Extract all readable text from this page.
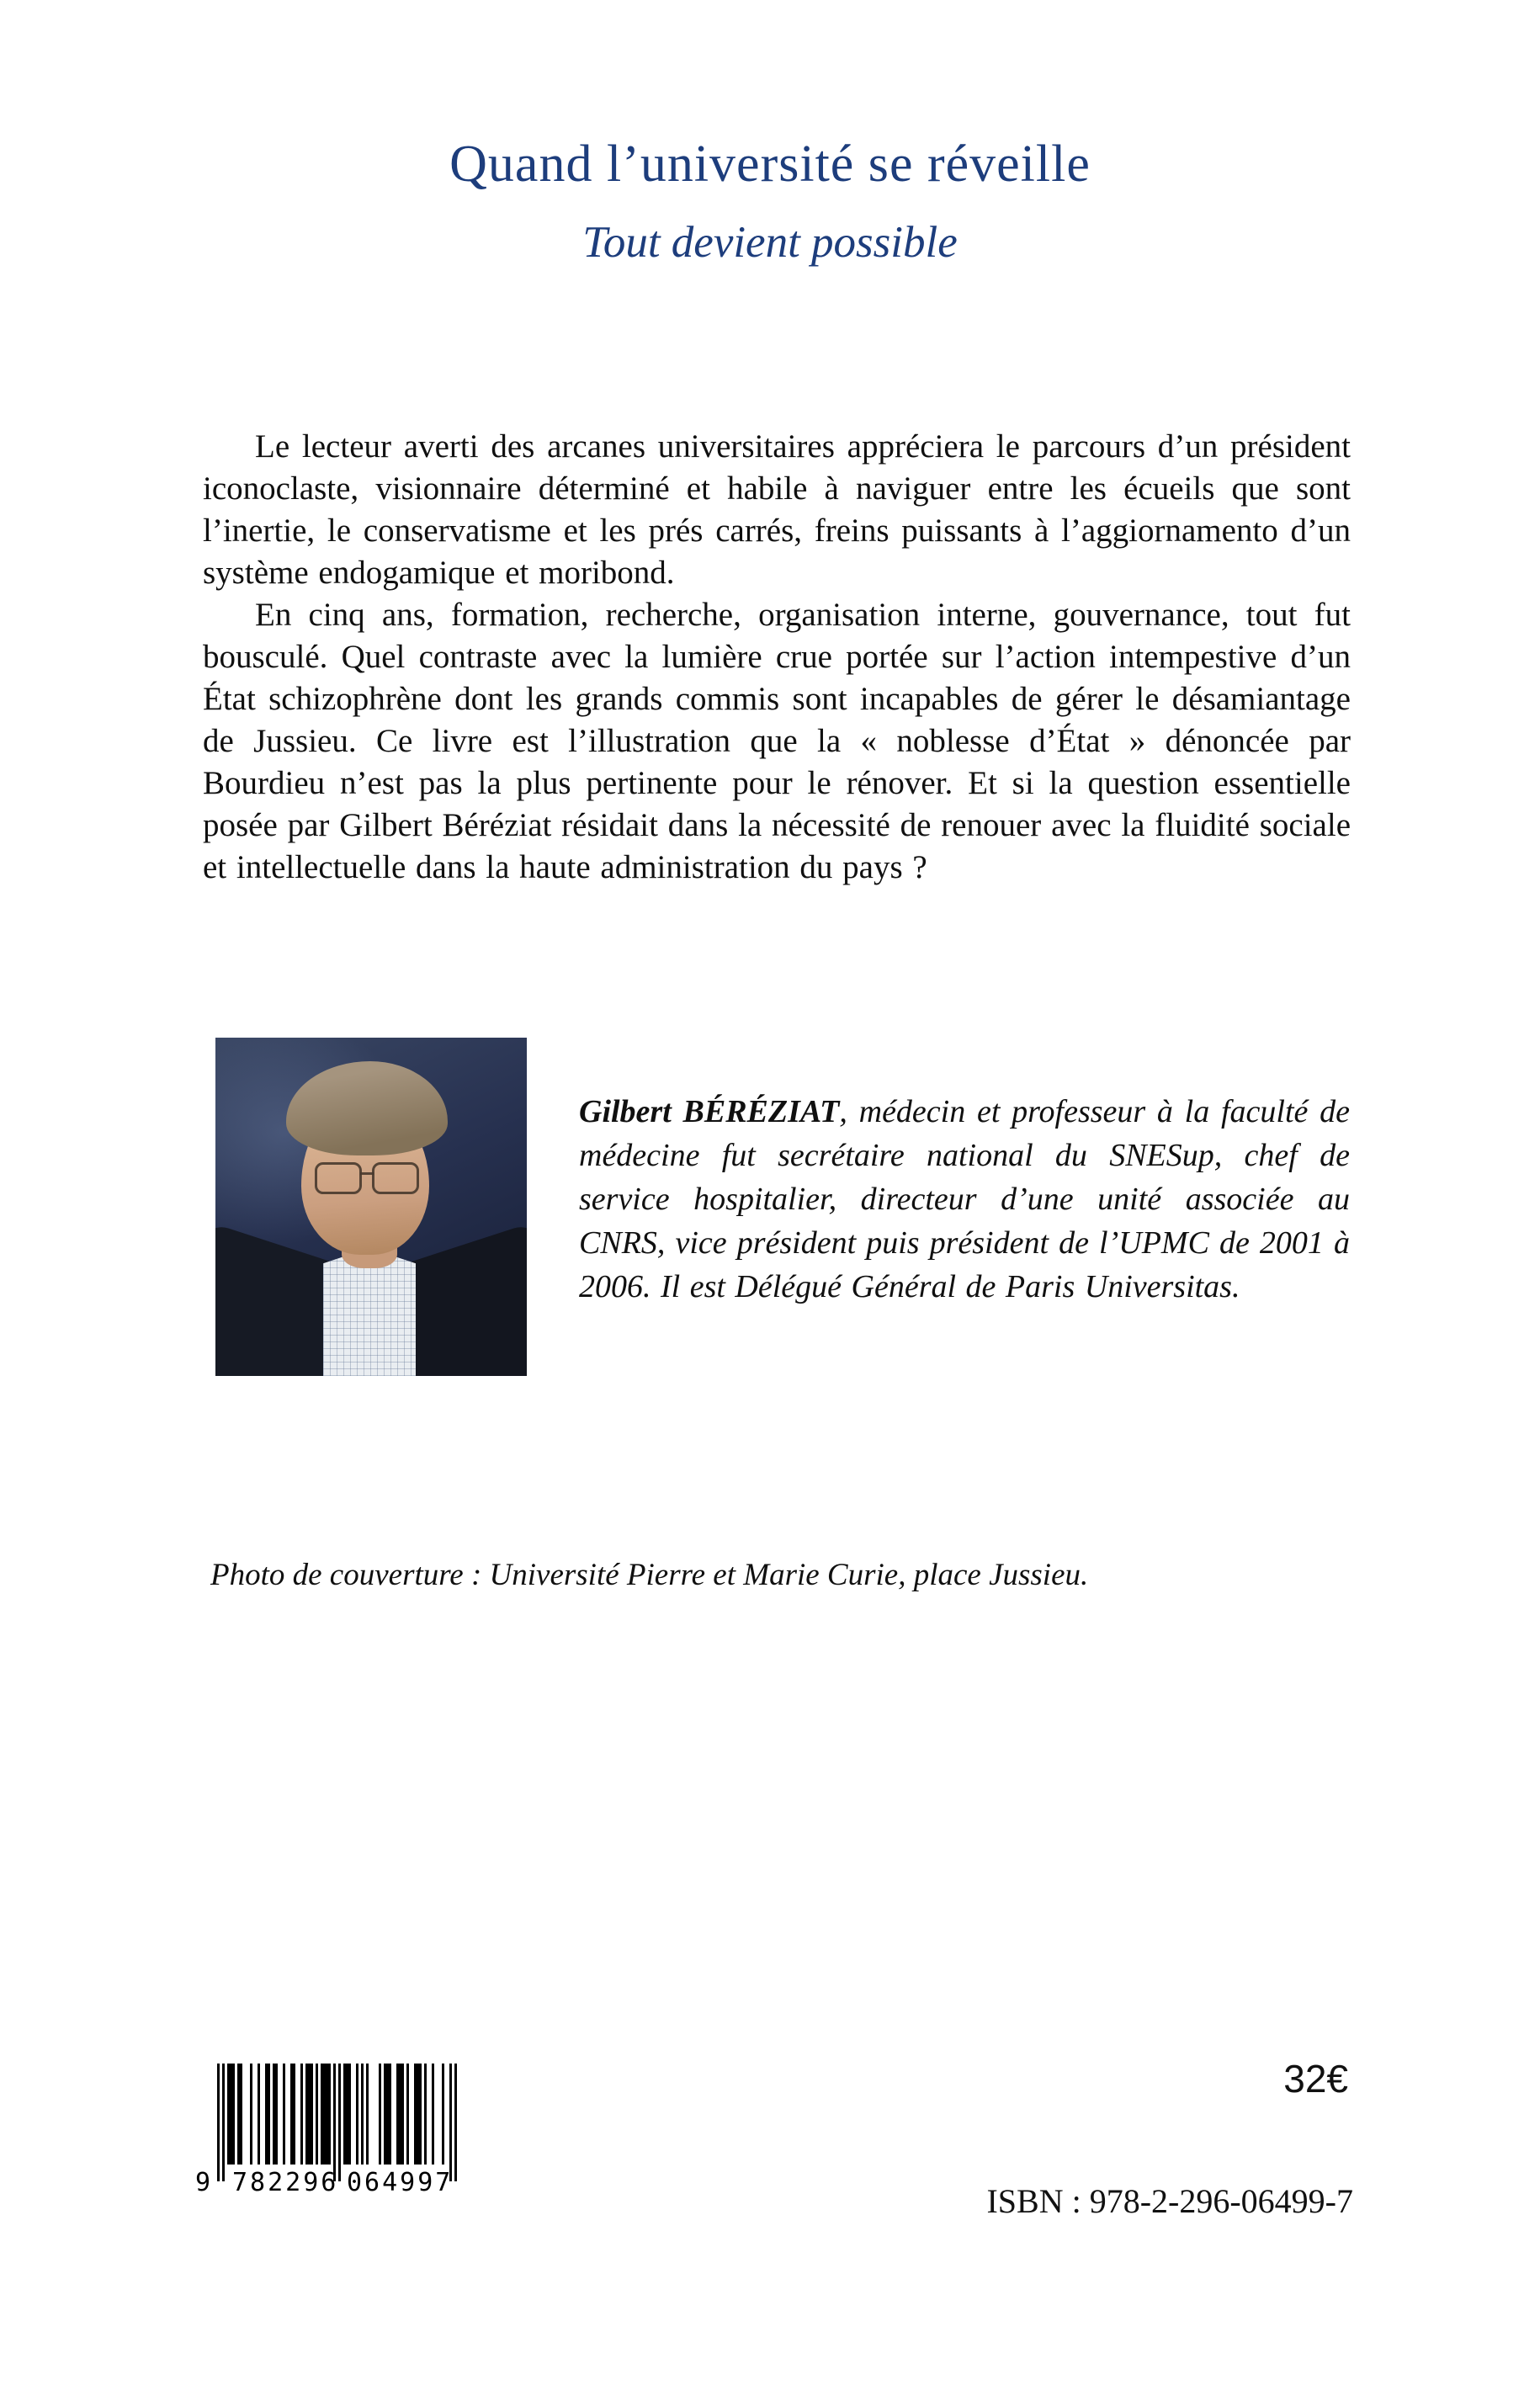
Quand l’université se réveille
Tout devient possible

Le lecteur averti des arcanes universitaires appréciera le parcours d’un président iconoclaste, visionnaire déterminé et habile à naviguer entre les écueils que sont l’inertie, le conservatisme et les prés carrés, freins puissants à l’aggiornamento d’un système endogamique et moribond.

En cinq ans, formation, recherche, organisation interne, gouvernance, tout fut bousculé. Quel contraste avec la lumière crue portée sur l’action intempestive d’un État schizophrène dont les grands commis sont incapables de gérer le désamiantage de Jussieu. Ce livre est l’illustration que la « noblesse d’État » dénoncée par Bourdieu n’est pas la plus pertinente pour le rénover. Et si la question essentielle posée par Gilbert Béréziat résidait dans la nécessité de renouer avec la fluidité sociale et intellectuelle dans la haute administration du pays ?

Gilbert BÉRÉZIAT, médecin et professeur à la faculté de médecine fut secrétaire national du SNESup, chef de service hospitalier, directeur d’une unité associée au CNRS, vice président puis président de l’UPMC de 2001 à 2006. Il est Délégué Général de Paris Universitas.

Photo de couverture : Université Pierre et Marie Curie, place Jussieu.

9 782296 064997
32€
ISBN : 978-2-296-06499-7
